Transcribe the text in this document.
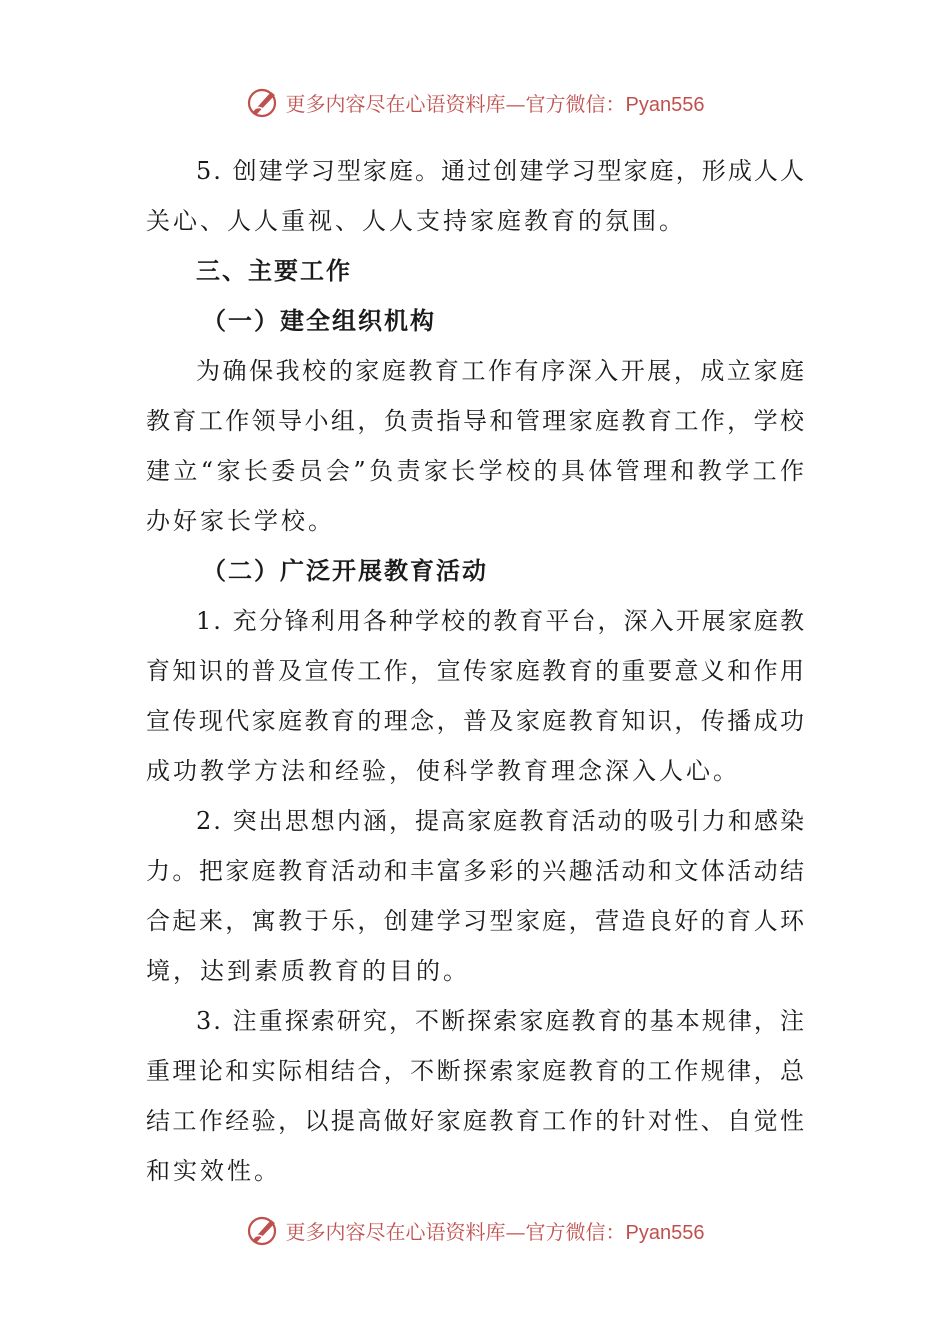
更多内容尽在心语资料库—官方微信：Pyan556
5. 创建学习型家庭。通过创建学习型家庭，形成人人
关心、人人重视、人人支持家庭教育的氛围。
三、主要工作
（一）建全组织机构
为确保我校的家庭教育工作有序深入开展，成立家庭
教育工作领导小组，负责指导和管理家庭教育工作，学校
建立“家长委员会”负责家长学校的具体管理和教学工作
办好家长学校。
（二）广泛开展教育活动
1. 充分锋利用各种学校的教育平台，深入开展家庭教
育知识的普及宣传工作，宣传家庭教育的重要意义和作用
宣传现代家庭教育的理念，普及家庭教育知识，传播成功
成功教学方法和经验，使科学教育理念深入人心。
2. 突出思想内涵，提高家庭教育活动的吸引力和感染
力。把家庭教育活动和丰富多彩的兴趣活动和文体活动结
合起来，寓教于乐，创建学习型家庭，营造良好的育人环
境，达到素质教育的目的。
3. 注重探索研究，不断探索家庭教育的基本规律，注
重理论和实际相结合，不断探索家庭教育的工作规律，总
结工作经验，以提高做好家庭教育工作的针对性、自觉性
和实效性。
更多内容尽在心语资料库—官方微信：Pyan556
